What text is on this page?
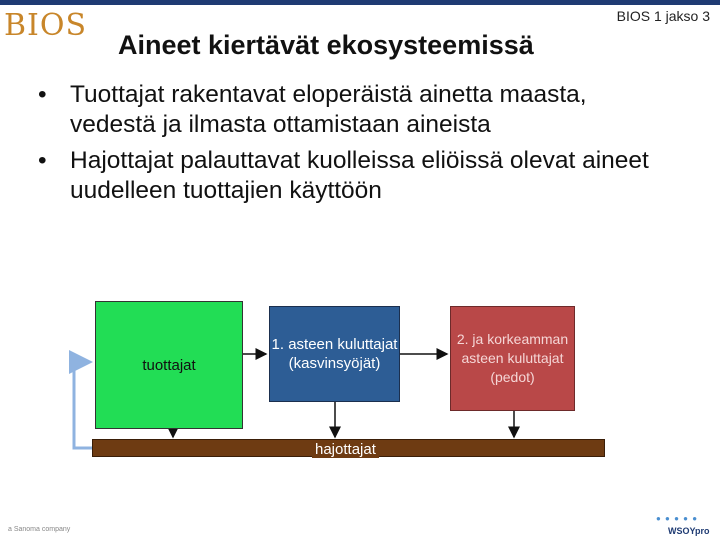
BIOS	BIOS 1 jakso 3
Aineet kiertävät ekosysteemissä
• Tuottajat rakentavat eloperäistä ainetta maasta, vedestä ja ilmasta ottamistaan aineista
• Hajottajat palauttavat kuolleissa eliöissä olevat aineet uudelleen tuottajien käyttöön
tuottajat
1. asteen kuluttajat (kasvinsyöjät)
2. ja korkeamman asteen kuluttajat (pedot)
hajottajat
a Sanoma company
● ● ● ● ●
WSOYpro
